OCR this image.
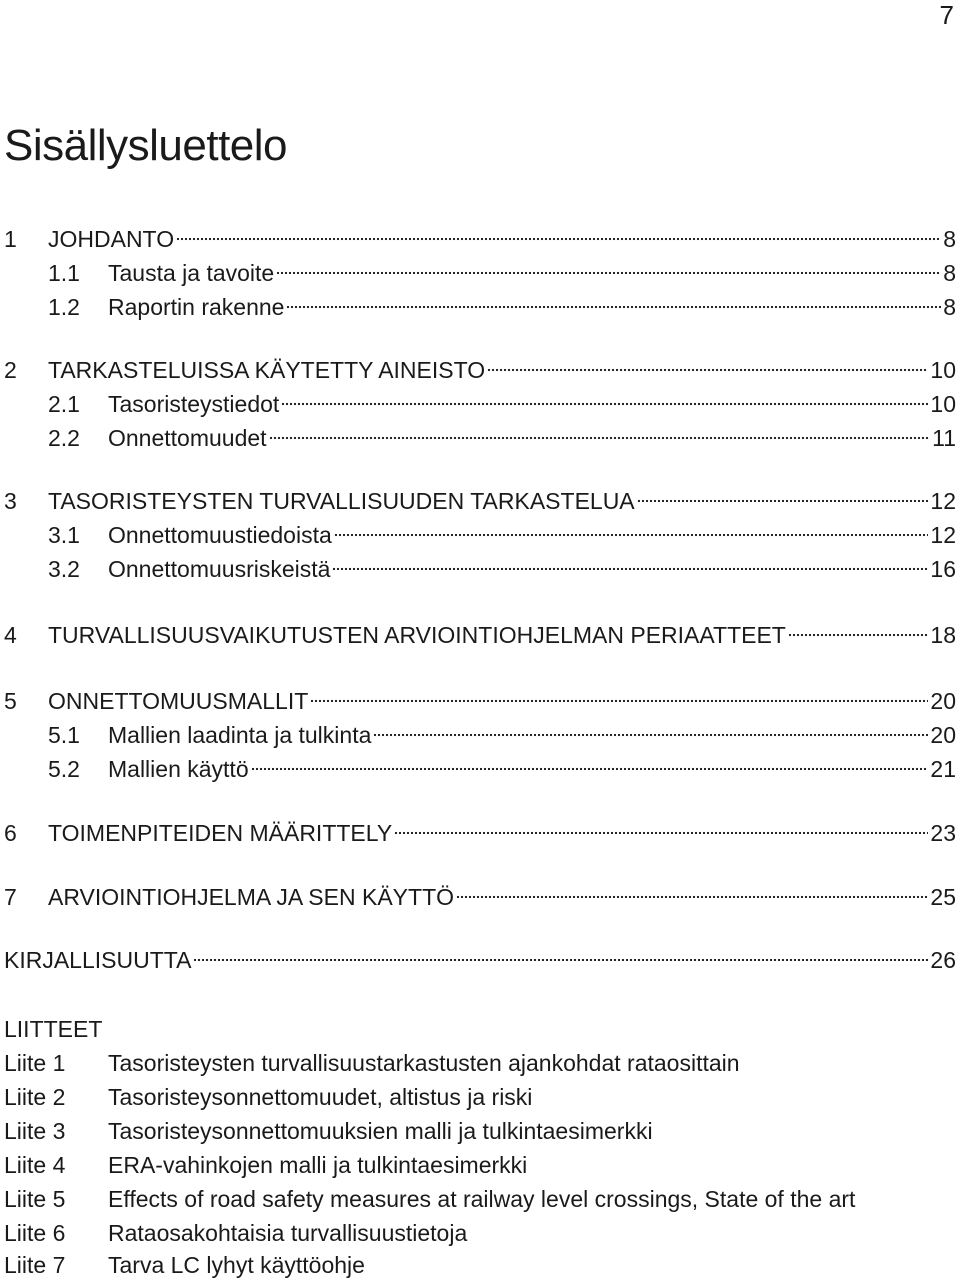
7
Sisällysluettelo
1	JOHDANTO	8
1.1	Tausta ja tavoite	8
1.2	Raportin rakenne	8
2	TARKASTELUISSA KÄYTETTY AINEISTO	10
2.1	Tasoristeystiedot	10
2.2	Onnettomuudet	11
3	TASORISTEYSTEN TURVALLISUUDEN TARKASTELUA	12
3.1	Onnettomuustiedoista	12
3.2	Onnettomuusriskeistä	16
4	TURVALLISUUSVAIKUTUSTEN ARVIOINTIOHJELMAN PERIAATTEET	18
5	ONNETTOMUUSMALLIT	20
5.1	Mallien laadinta ja tulkinta	20
5.2	Mallien käyttö	21
6	TOIMENPITEIDEN MÄÄRITTELY	23
7	ARVIOINTIOHJELMA JA SEN KÄYTTÖ	25
KIRJALLISUUTTA	26
LIITTEET
Liite 1	Tasoristeysten turvallisuustarkastusten ajankohdat rataosittain
Liite 2	Tasoristeysonnettomuudet, altistus ja riski
Liite 3	Tasoristeysonnettomuuksien malli ja tulkintaesimerkki
Liite 4	ERA-vahinkojen malli ja tulkintaesimerkki
Liite 5	Effects of road safety measures at railway level crossings, State of the art
Liite 6	Rataosakohtaisia turvallisuustietoja
Liite 7	Tarva LC lyhyt käyttöohje
